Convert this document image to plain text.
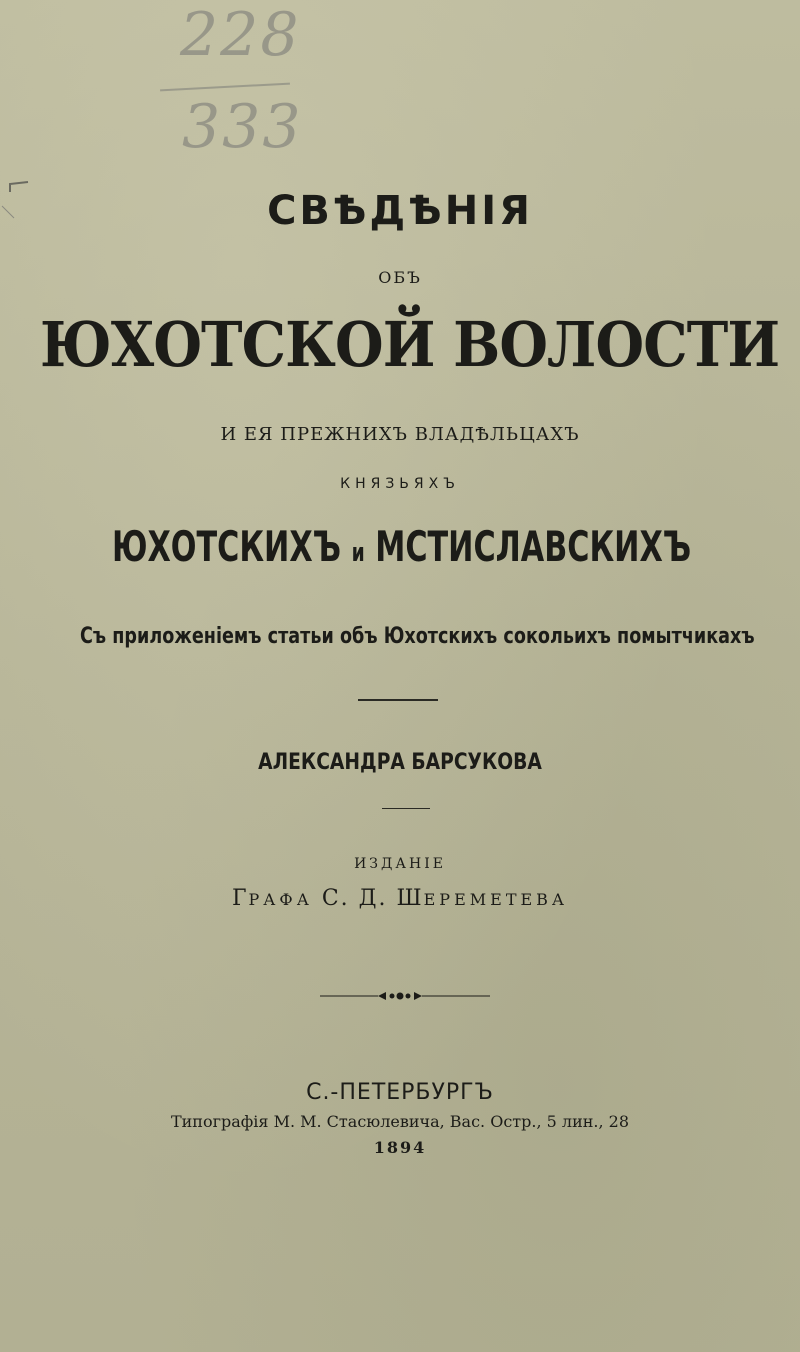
228
333
СВѢДѢНІЯ
ОБЪ
ЮХОТСКОЙ ВОЛОСТИ
И ЕЯ ПРЕЖНИХЪ ВЛАДѢЛЬЦАХЪ
КНЯЗЬЯХЪ
ЮХОТСКИХЪ и МСТИСЛАВСКИХЪ
Съ приложеніемъ статьи объ Юхотскихъ сокольихъ помытчикахъ
АЛЕКСАНДРА БАРСУКОВА
ИЗДАНІЕ
ГРАФА С. Д. ШЕРЕМЕТЕВА
С.-ПЕТЕРБУРГЪ
Типографія М. М. Стасюлевича, Вас. Остр., 5 лин., 28
1894
